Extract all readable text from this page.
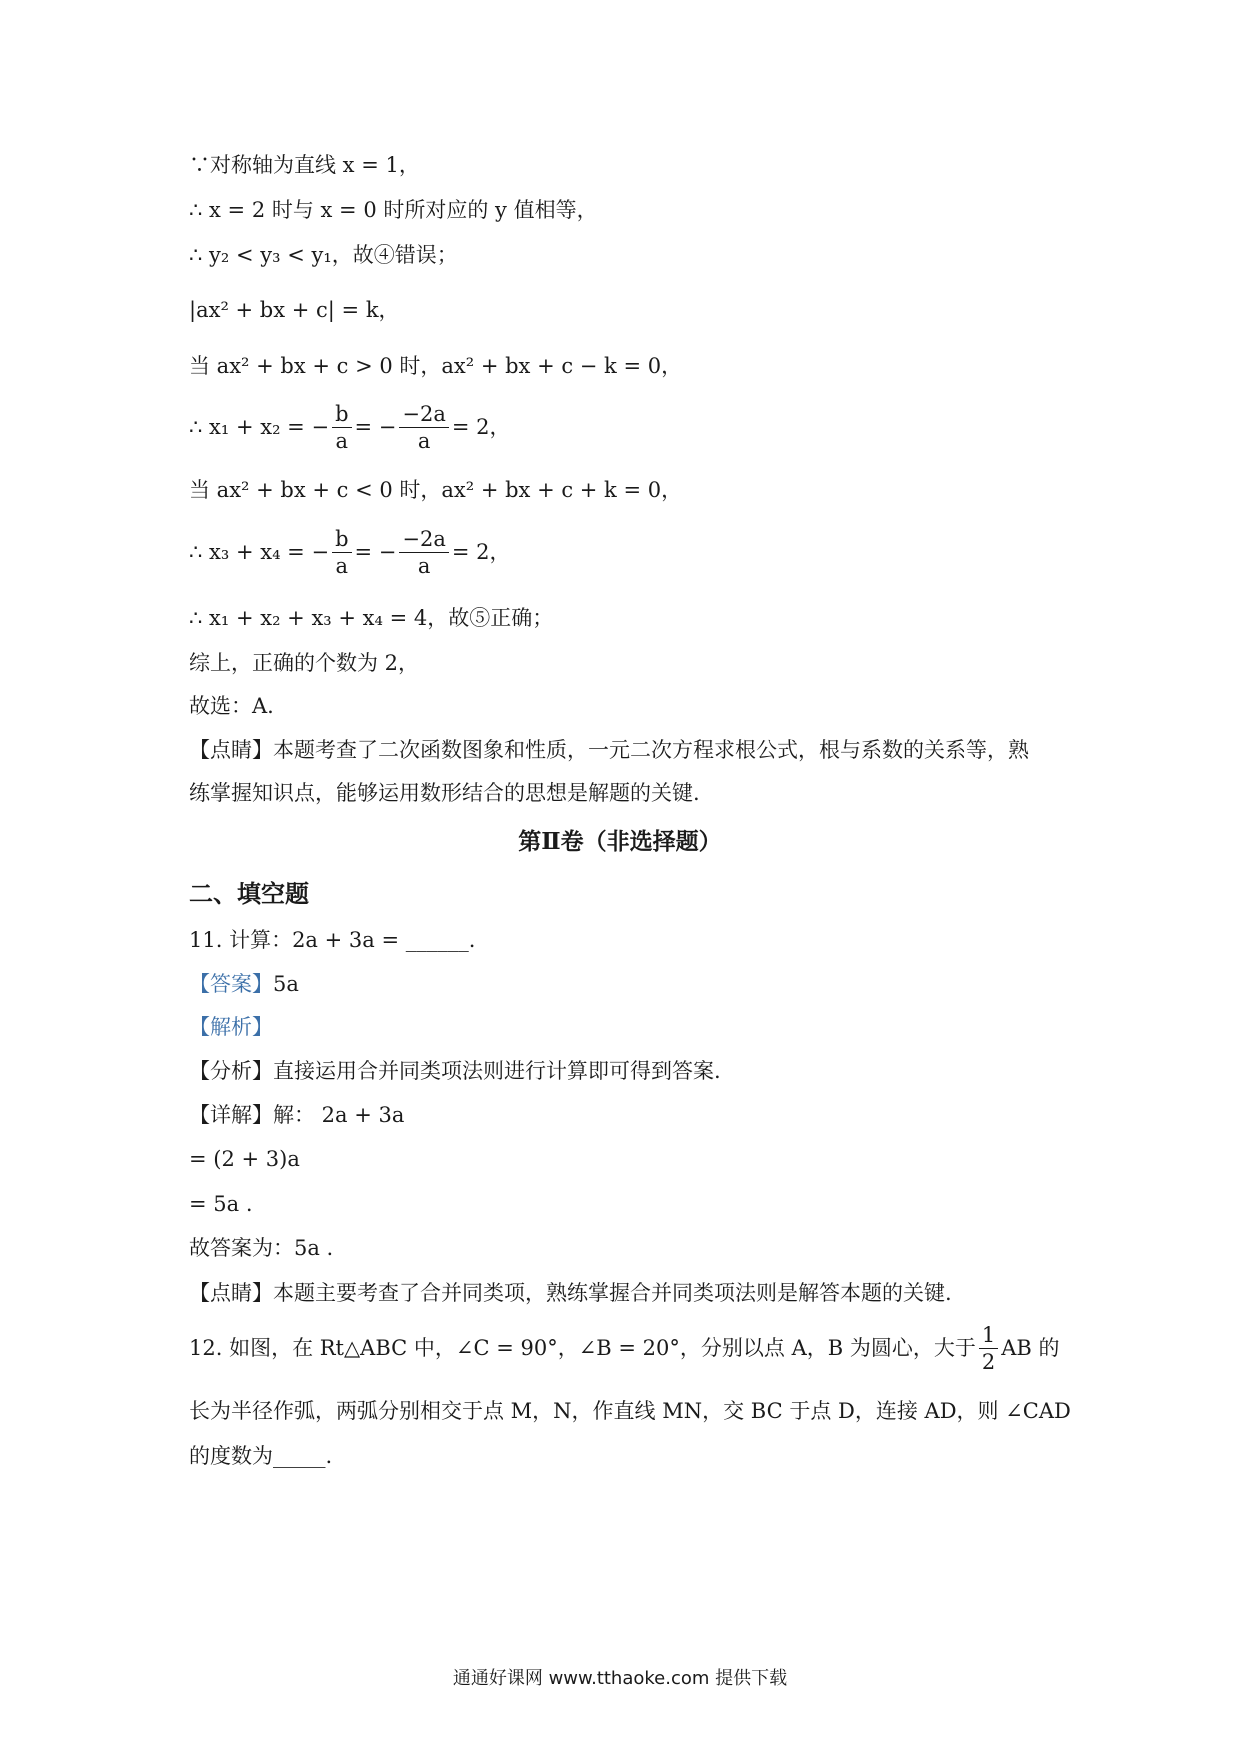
∵对称轴为直线 x = 1，
∴ x = 2 时与 x = 0 时所对应的 y 值相等，
∴ y₂ < y₃ < y₁，故④错误；
|ax² + bx + c| = k，
当 ax² + bx + c > 0 时，ax² + bx + c − k = 0，
∴ x₁ + x₂ = − $\frac{b}{a}$ = − $\frac{-2a}{a} = 2$，
当 ax² + bx + c < 0 时，ax² + bx + c + k = 0，
∴ x₃ + x₄ = − $\frac{b}{a}$ = − $\frac{-2a}{a} = 2$，
∴ x₁ + x₂ + x₃ + x₄ = 4，故⑤正确；
综上，正确的个数为 2，
故选：A.
【点睛】本题考查了二次函数图象和性质，一元二次方程求根公式，根与系数的关系等，熟
练掌握知识点，能够运用数形结合的思想是解题的关键.
第Ⅱ卷（非选择题）
二、填空题
11. 计算：2a + 3a = ______.
【答案】5a
【解析】
【分析】直接运用合并同类项法则进行计算即可得到答案.
【详解】解： 2a + 3a
= (2 + 3)a
= 5a .
故答案为：5a .
【点睛】本题主要考查了合并同类项，熟练掌握合并同类项法则是解答本题的关键.
12. 如图，在 Rt△ABC 中，∠C = 90°，∠B = 20°，分别以点 A，B 为圆心，大于 $\frac{1}{2}$ AB 的
长为半径作弧，两弧分别相交于点 M，N，作直线 MN，交 BC 于点 D，连接 AD，则 ∠CAD
的度数为_____.
通通好课网 www.tthaoke.com 提供下载
